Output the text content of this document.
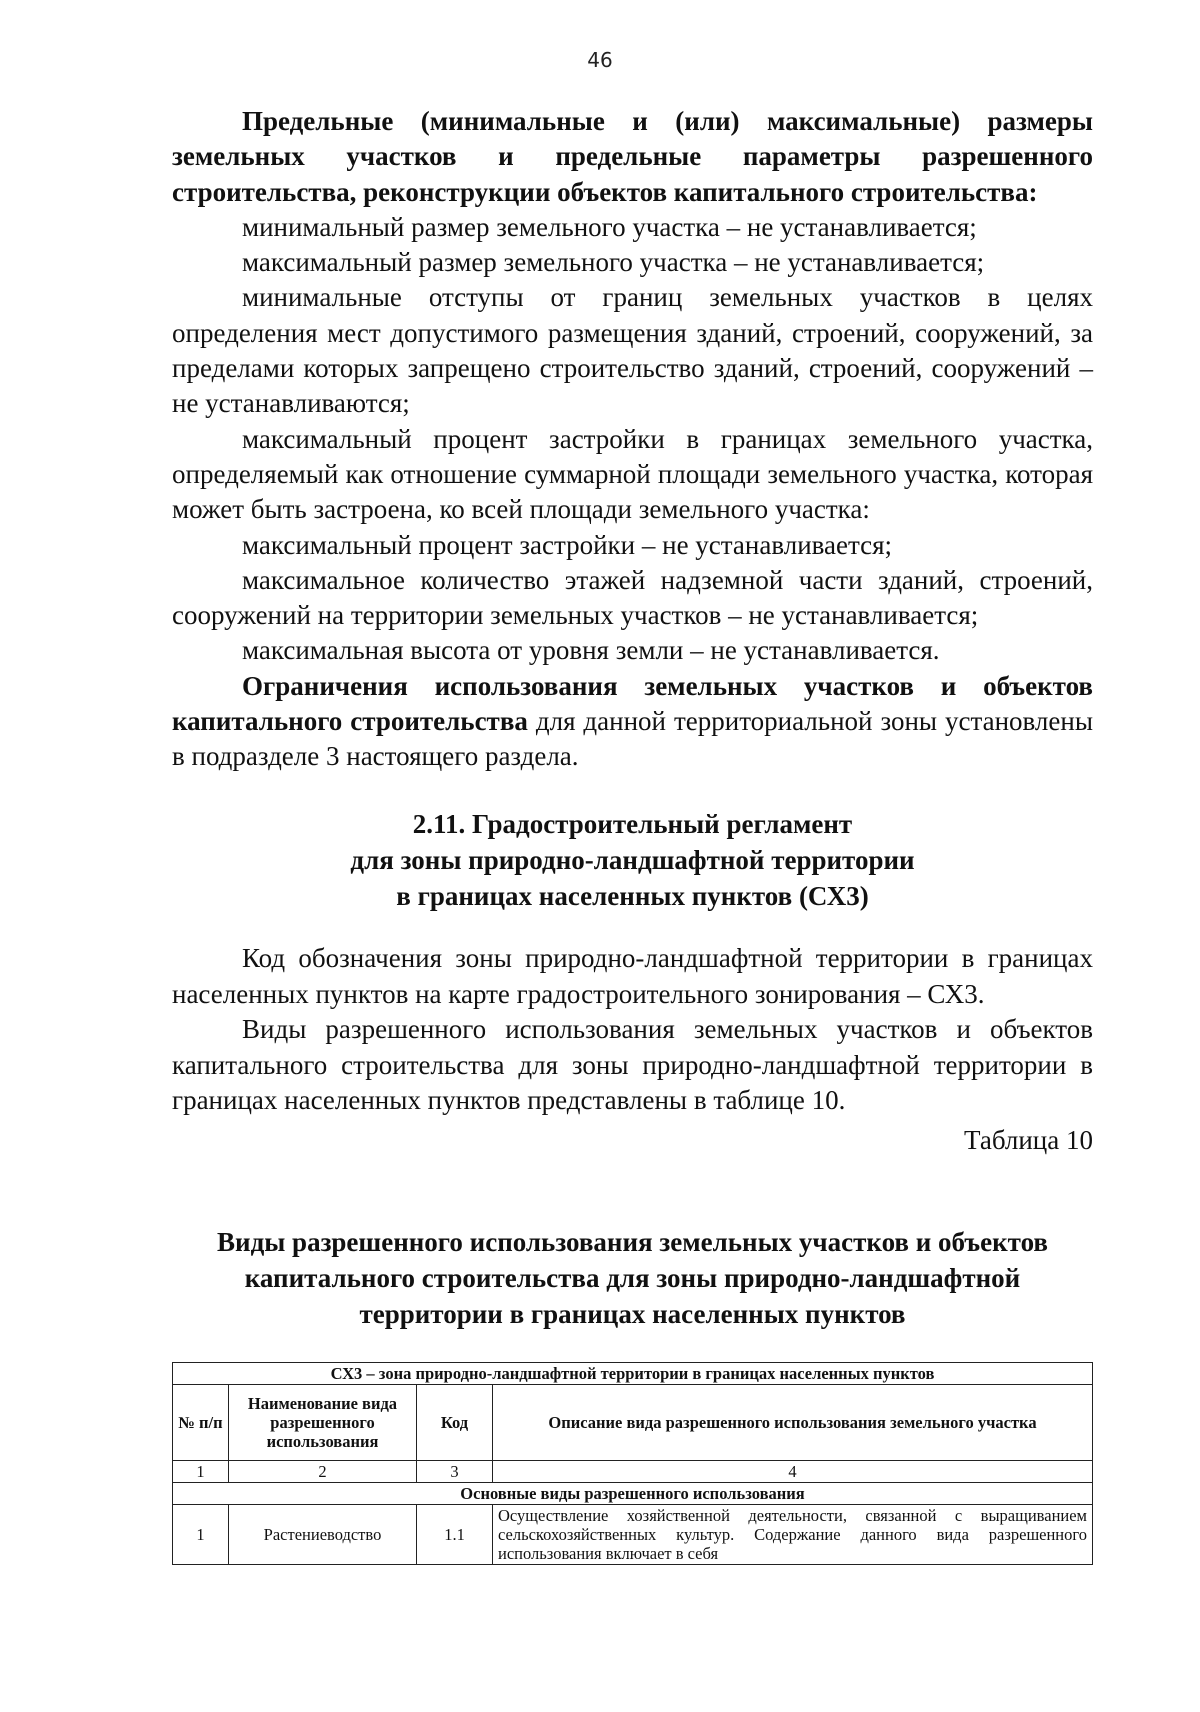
46

Предельные (минимальные и (или) максимальные) размеры земельных участков и предельные параметры разрешенного строительства, реконструкции объектов капитального строительства:

минимальный размер земельного участка – не устанавливается;

максимальный размер земельного участка – не устанавливается;

минимальные отступы от границ земельных участков в целях определения мест допустимого размещения зданий, строений, сооружений, за пределами которых запрещено строительство зданий, строений, сооружений – не устанавливаются;

максимальный процент застройки в границах земельного участка, определяемый как отношение суммарной площади земельного участка, которая может быть застроена, ко всей площади земельного участка:

максимальный процент застройки – не устанавливается;

максимальное количество этажей надземной части зданий, строений, сооружений на территории земельных участков – не устанавливается;

максимальная высота от уровня земли – не устанавливается.

Ограничения использования земельных участков и объектов капитального строительства для данной территориальной зоны установлены в подразделе 3 настоящего раздела.

2.11. Градостроительный регламент
для зоны природно-ландшафтной территории
в границах населенных пунктов (СХ3)

Код обозначения зоны природно-ландшафтной территории в границах населенных пунктов на карте градостроительного зонирования – СХ3.

Виды разрешенного использования земельных участков и объектов капитального строительства для зоны природно-ландшафтной территории в границах населенных пунктов представлены в таблице 10.

Таблица 10

Виды разрешенного использования земельных участков и объектов
капитального строительства для зоны природно-ландшафтной
территории в границах населенных пунктов
СХ3 – зона природно-ландшафтной территории в границах населенных пунктов			
№ п/п	Наименование вида разрешенного использования	Код	Описание вида разрешенного использования земельного участка
1	2	3	4
Основные виды разрешенного использования			
1	Растениеводство	1.1	Осуществление хозяйственной деятельности, связанной с выращиванием сельскохозяйственных культур. Содержание данного вида разрешенного использования включает в себя
